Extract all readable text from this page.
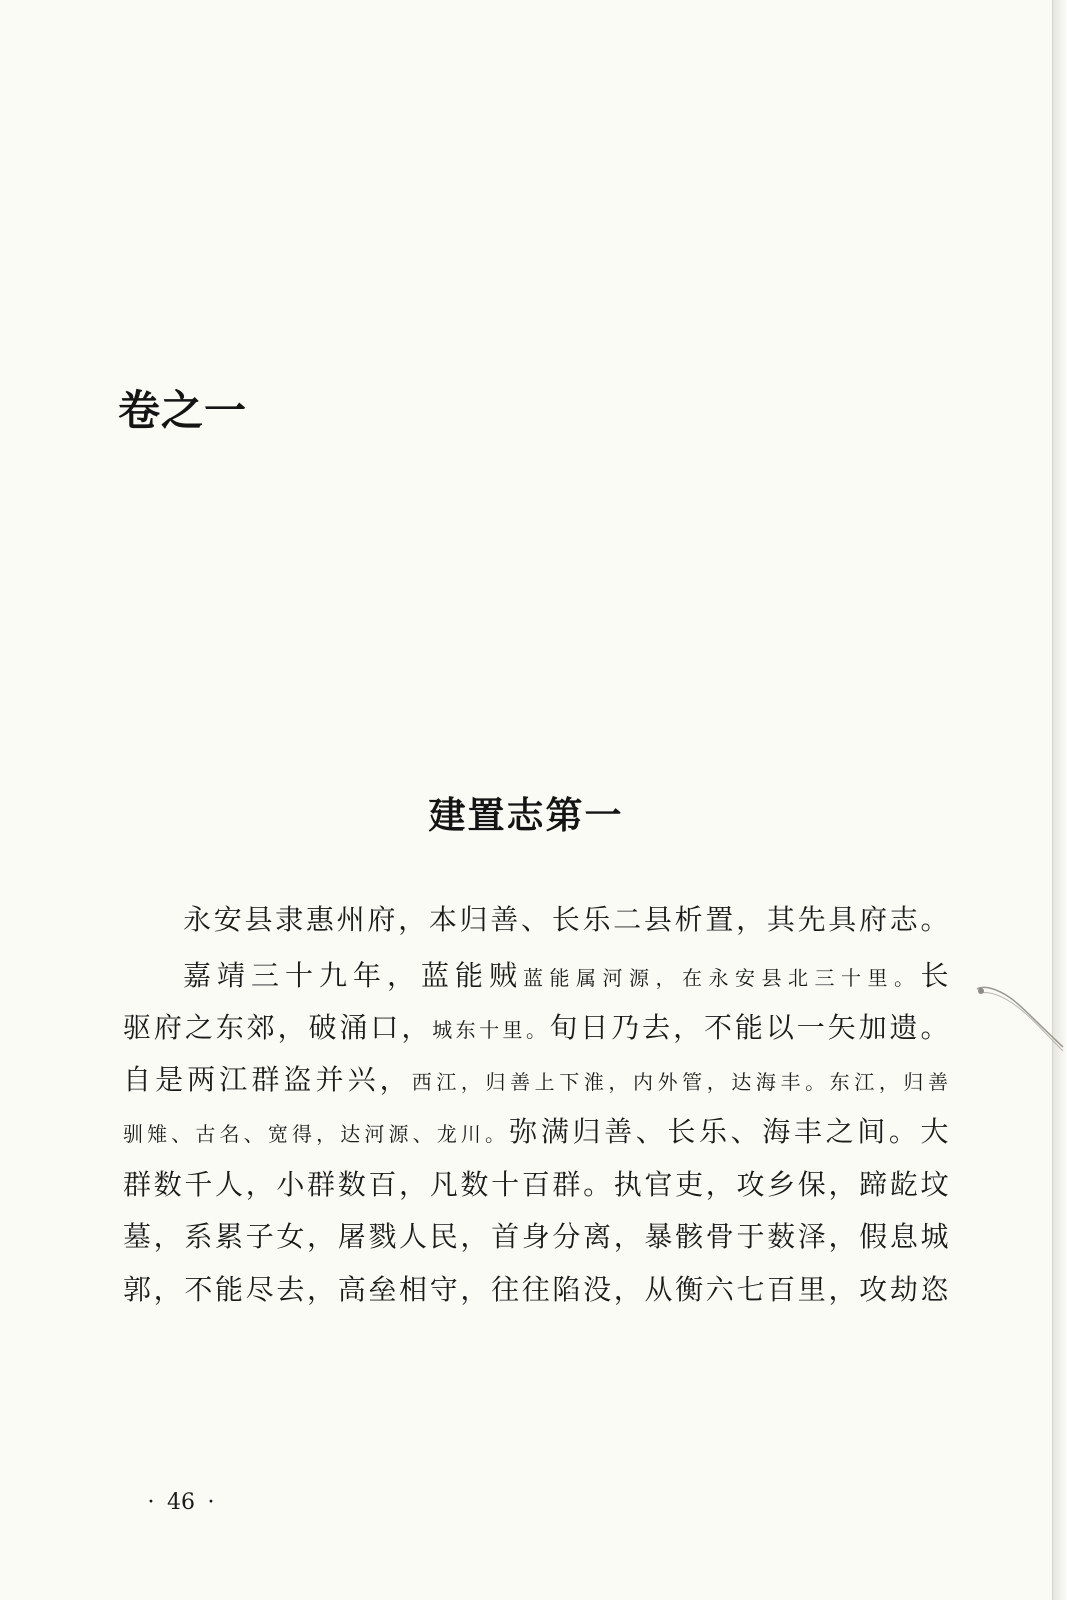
卷之一
建置志第一

永安县隶惠州府，本归善、长乐二县析置，其先具府志。

嘉靖三十九年，蓝能贼蓝能属河源，在永安县北三十里。长

驱府之东郊，破涌口，城东十里。旬日乃去，不能以一矢加遗。

自是两江群盗并兴，西江，归善上下淮，内外管，达海丰。东江，归善

驯雉、古名、宽得，达河源、龙川。弥满归善、长乐、海丰之间。大

群数千人，小群数百，凡数十百群。执官吏，攻乡保，蹄龁坟

墓，系累子女，屠戮人民，首身分离，暴骸骨于薮泽，假息城

郭，不能尽去，高垒相守，往往陷没，从衡六七百里，攻劫恣

· 46 ·
